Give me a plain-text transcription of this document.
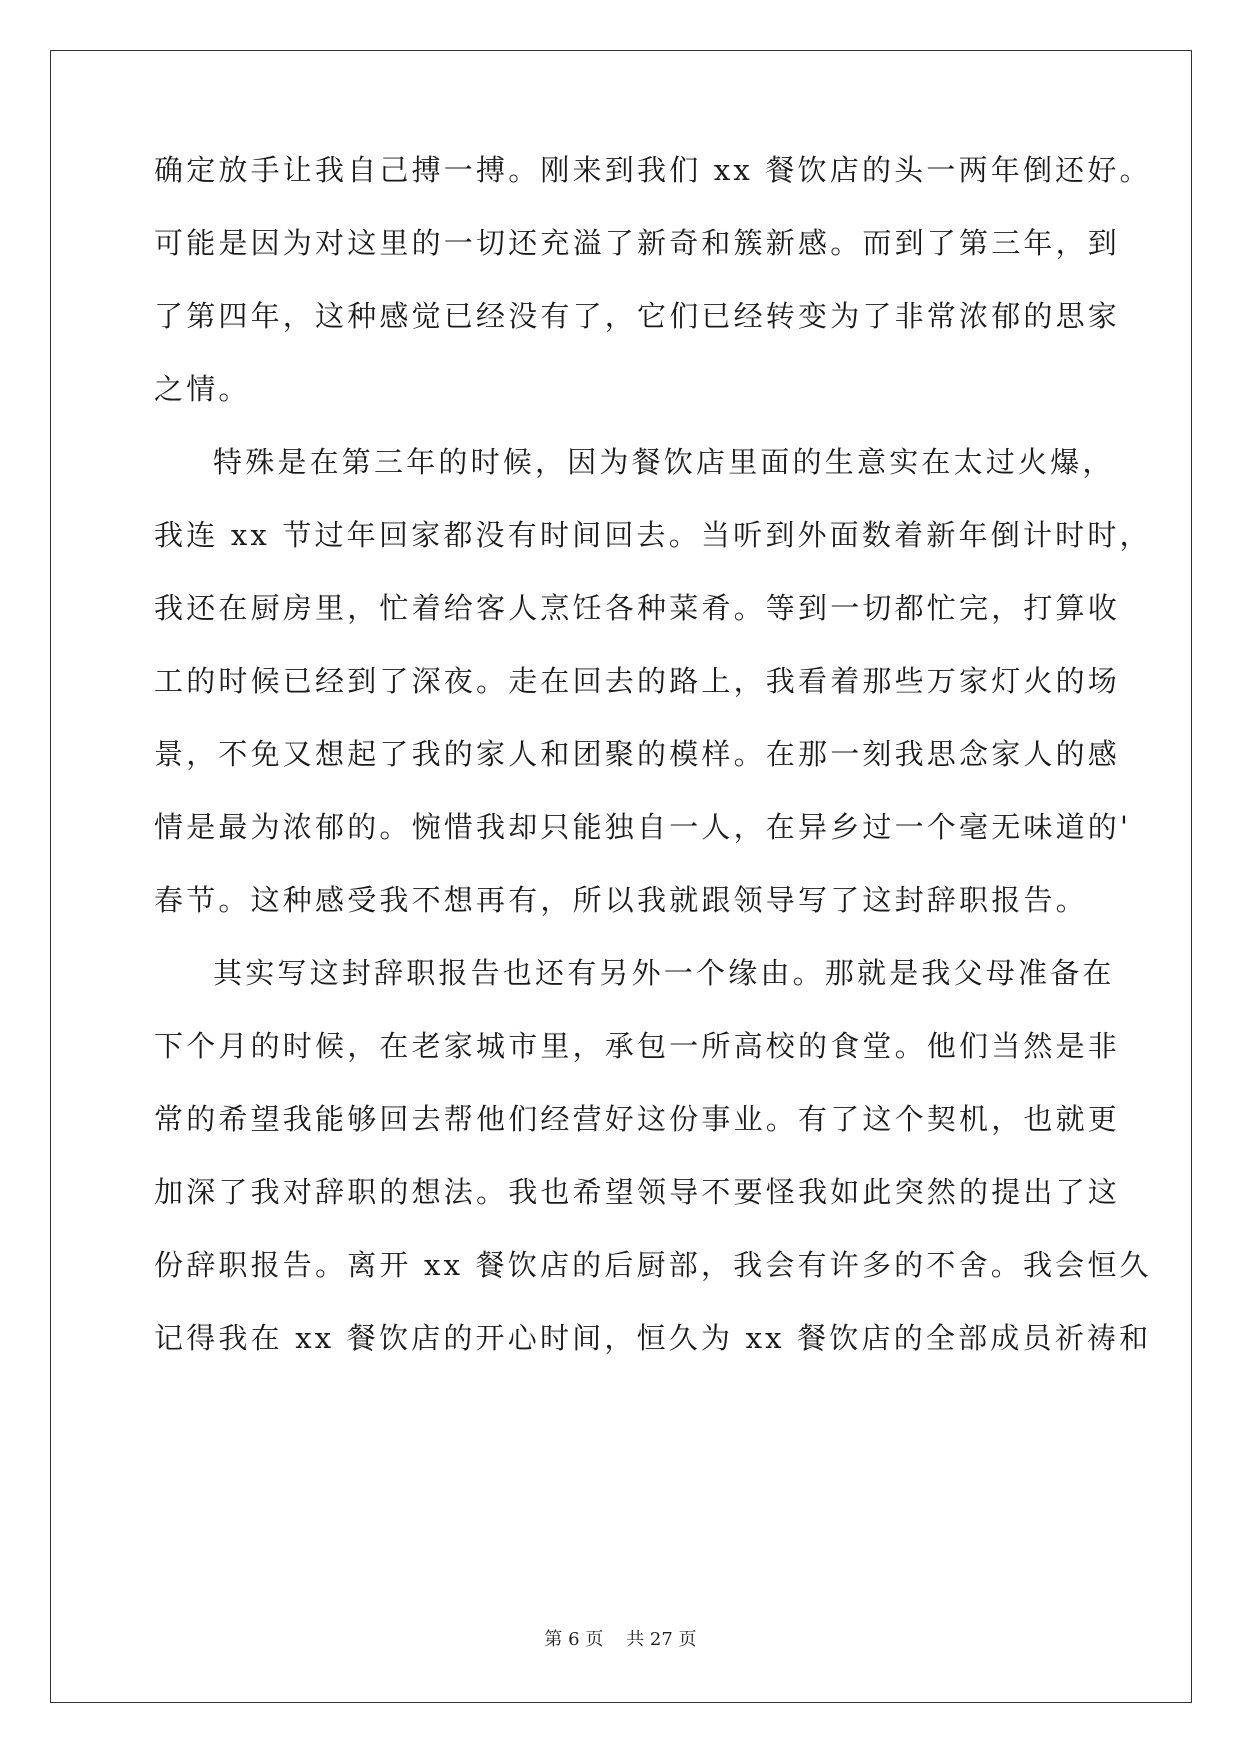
确定放手让我自己搏一搏。刚来到我们 xx 餐饮店的头一两年倒还好。
可能是因为对这里的一切还充溢了新奇和簇新感。而到了第三年，到
了第四年，这种感觉已经没有了，它们已经转变为了非常浓郁的思家
之情。
特殊是在第三年的时候，因为餐饮店里面的生意实在太过火爆，
我连 xx 节过年回家都没有时间回去。当听到外面数着新年倒计时时，
我还在厨房里，忙着给客人烹饪各种菜肴。等到一切都忙完，打算收
工的时候已经到了深夜。走在回去的路上，我看着那些万家灯火的场
景，不免又想起了我的家人和团聚的模样。在那一刻我思念家人的感
情是最为浓郁的。惋惜我却只能独自一人，在异乡过一个毫无味道的'
春节。这种感受我不想再有，所以我就跟领导写了这封辞职报告。
其实写这封辞职报告也还有另外一个缘由。那就是我父母准备在
下个月的时候，在老家城市里，承包一所高校的食堂。他们当然是非
常的希望我能够回去帮他们经营好这份事业。有了这个契机，也就更
加深了我对辞职的想法。我也希望领导不要怪我如此突然的提出了这
份辞职报告。离开 xx 餐饮店的后厨部，我会有许多的不舍。我会恒久
记得我在 xx 餐饮店的开心时间，恒久为 xx 餐饮店的全部成员祈祷和
第 6 页    共 27 页
